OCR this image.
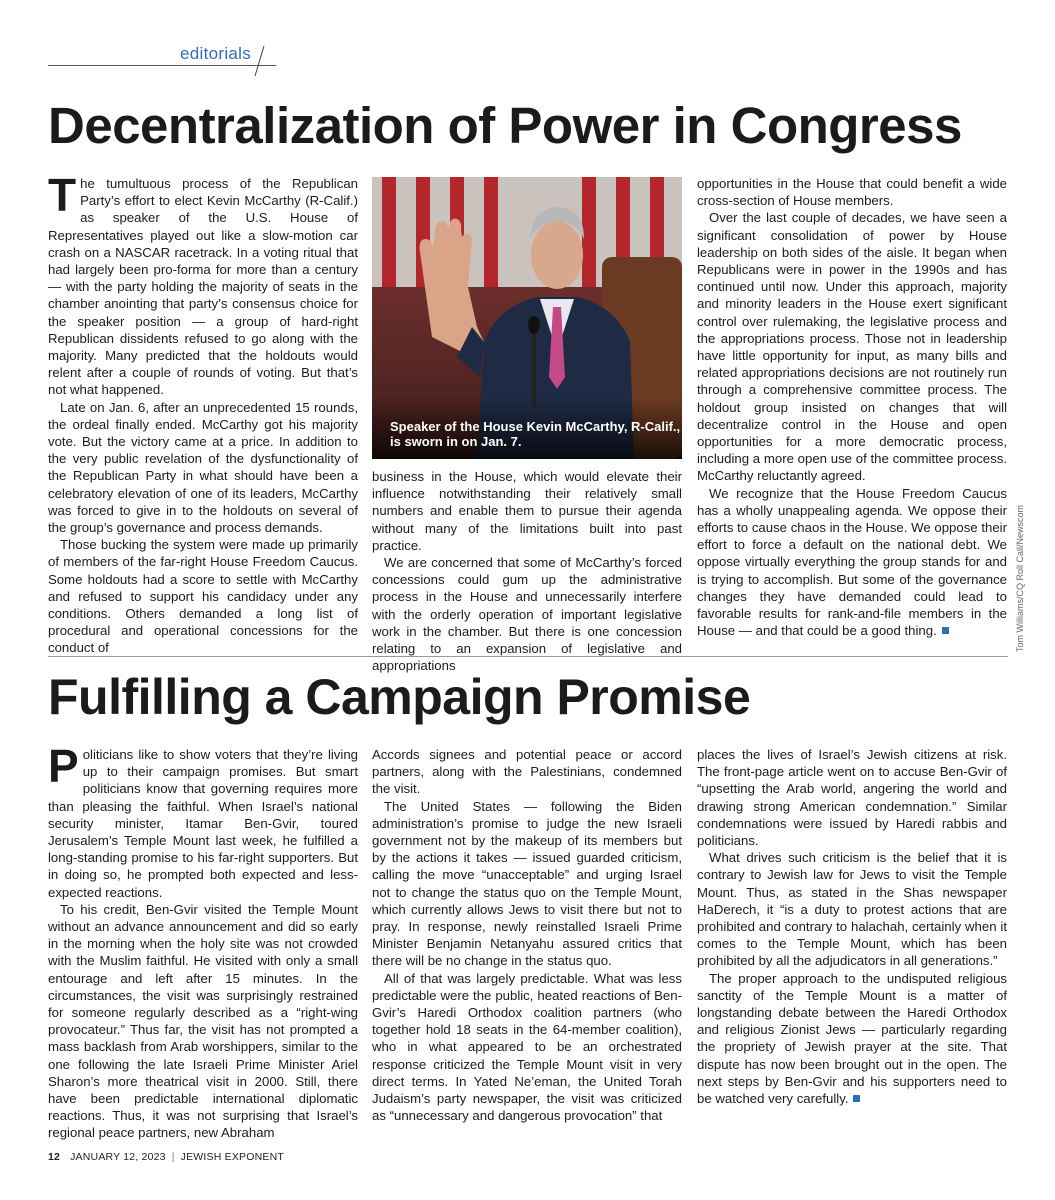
editorials
Decentralization of Power in Congress

The tumultuous process of the Republican Party’s effort to elect Kevin McCarthy (R-Calif.) as speaker of the U.S. House of Representatives played out like a slow-motion car crash on a NASCAR racetrack. In a voting ritual that had largely been pro-forma for more than a century — with the party holding the majority of seats in the chamber anointing that party’s consensus choice for the speaker position — a group of hard-right Republican dissidents refused to go along with the majority. Many predicted that the holdouts would relent after a couple of rounds of voting. But that’s not what happened.

Late on Jan. 6, after an unprecedented 15 rounds, the ordeal finally ended. McCarthy got his majority vote. But the victory came at a price. In addition to the very public revelation of the dysfunctionality of the Republican Party in what should have been a celebratory elevation of one of its leaders, McCarthy was forced to give in to the holdouts on several of the group’s governance and process demands.

Those bucking the system were made up primarily of members of the far-right House Freedom Caucus. Some holdouts had a score to settle with McCarthy and refused to support his candidacy under any conditions. Others demanded a long list of procedural and operational concessions for the conduct of

Speaker of the House Kevin McCarthy, R-Calif.,
is sworn in on Jan. 7.

business in the House, which would elevate their influence notwithstanding their relatively small numbers and enable them to pursue their agenda without many of the limitations built into past practice.

We are concerned that some of McCarthy’s forced concessions could gum up the administrative process in the House and unnecessarily interfere with the orderly operation of important legislative work in the chamber. But there is one concession relating to an expansion of legislative and appropriations

opportunities in the House that could benefit a wide cross-section of House members.

Over the last couple of decades, we have seen a significant consolidation of power by House leadership on both sides of the aisle. It began when Republicans were in power in the 1990s and has continued until now. Under this approach, majority and minority leaders in the House exert significant control over rulemaking, the legislative process and the appropriations process. Those not in leadership have little opportunity for input, as many bills and related appropriations decisions are not routinely run through a comprehensive committee process. The holdout group insisted on changes that will decentralize control in the House and open opportunities for a more democratic process, including a more open use of the committee process. McCarthy reluctantly agreed.

We recognize that the House Freedom Caucus has a wholly unappealing agenda. We oppose their efforts to cause chaos in the House. We oppose their effort to force a default on the national debt. We oppose virtually everything the group stands for and is trying to accomplish. But some of the governance changes they have demanded could lead to favorable results for rank-and-file members in the House — and that could be a good thing.	Tom Williams/CQ Roll Call/Newscom
Fulfilling a Campaign Promise

Politicians like to show voters that they’re living up to their campaign promises. But smart politicians know that governing requires more than pleasing the faithful. When Israel’s national security minister, Itamar Ben-Gvir, toured Jerusalem’s Temple Mount last week, he fulfilled a long-standing promise to his far-right supporters. But in doing so, he prompted both expected and less-expected reactions.

To his credit, Ben-Gvir visited the Temple Mount without an advance announcement and did so early in the morning when the holy site was not crowded with the Muslim faithful. He visited with only a small entourage and left after 15 minutes. In the circumstances, the visit was surprisingly restrained for someone regularly described as a “right-wing provocateur.” Thus far, the visit has not prompted a mass backlash from Arab worshippers, similar to the one following the late Israeli Prime Minister Ariel Sharon’s more theatrical visit in 2000. Still, there have been predictable international diplomatic reactions. Thus, it was not surprising that Israel’s regional peace partners, new Abraham

Accords signees and potential peace or accord partners, along with the Palestinians, condemned the visit.

The United States — following the Biden administration’s promise to judge the new Israeli government not by the makeup of its members but by the actions it takes — issued guarded criticism, calling the move “unacceptable” and urging Israel not to change the status quo on the Temple Mount, which currently allows Jews to visit there but not to pray. In response, newly reinstalled Israeli Prime Minister Benjamin Netanyahu assured critics that there will be no change in the status quo.

All of that was largely predictable. What was less predictable were the public, heated reactions of Ben-Gvir’s Haredi Orthodox coalition partners (who together hold 18 seats in the 64-member coalition), who in what appeared to be an orchestrated response criticized the Temple Mount visit in very direct terms. In Yated Ne’eman, the United Torah Judaism’s party newspaper, the visit was criticized as “unnecessary and dangerous provocation” that

places the lives of Israel’s Jewish citizens at risk. The front-page article went on to accuse Ben-Gvir of “upsetting the Arab world, angering the world and drawing strong American condemnation.” Similar condemnations were issued by Haredi rabbis and politicians.

What drives such criticism is the belief that it is contrary to Jewish law for Jews to visit the Temple Mount. Thus, as stated in the Shas newspaper HaDerech, it “is a duty to protest actions that are prohibited and contrary to halachah, certainly when it comes to the Temple Mount, which has been prohibited by all the adjudicators in all generations.”

The proper approach to the undisputed religious sanctity of the Temple Mount is a matter of longstanding debate between the Haredi Orthodox and religious Zionist Jews — particularly regarding the propriety of Jewish prayer at the site. That dispute has now been brought out in the open. The next steps by Ben-Gvir and his supporters need to be watched very carefully.

12 JANUARY 12, 2023 | JEWISH EXPONENT
